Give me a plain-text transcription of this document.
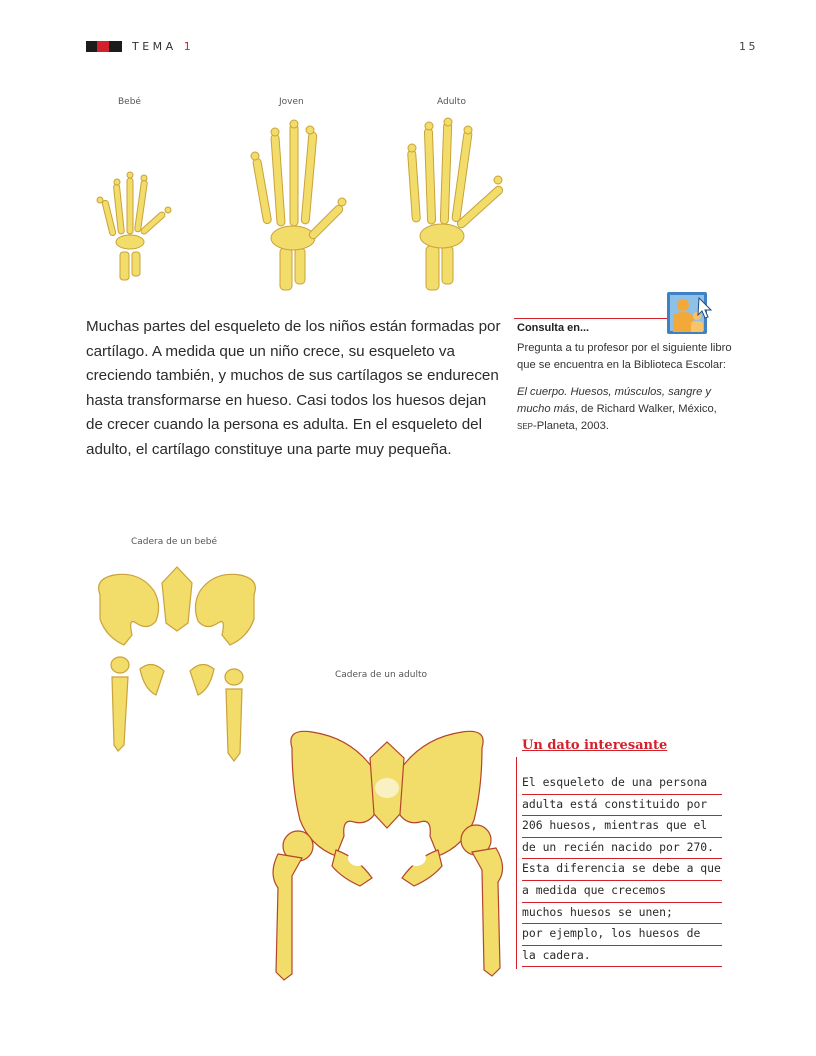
TEMA 1	15
Bebé	Joven	Adulto
Muchas partes del esqueleto de los niños están formadas por cartílago. A medida que un niño crece, su esqueleto va creciendo también, y muchos de sus cartílagos se endurecen hasta transformarse en hueso. Casi todos los huesos dejan de crecer cuando la persona es adulta. En el esqueleto del adulto, el cartílago constituye una parte muy pequeña.
Consulta en...

Pregunta a tu profesor por el siguiente libro que se encuentra en la Biblioteca Escolar:

El cuerpo. Huesos, músculos, sangre y mucho más, de Richard Walker, México, sep-Planeta, 2003.

Cadera de un bebé
Cadera de un adulto
Un dato interesante
El esqueleto de una persona
adulta está constituido por
206 huesos, mientras que el
de un recién nacido por 270.
Esta diferencia se debe a que
a medida que crecemos
muchos huesos se unen;
por ejemplo, los huesos de
la cadera.
